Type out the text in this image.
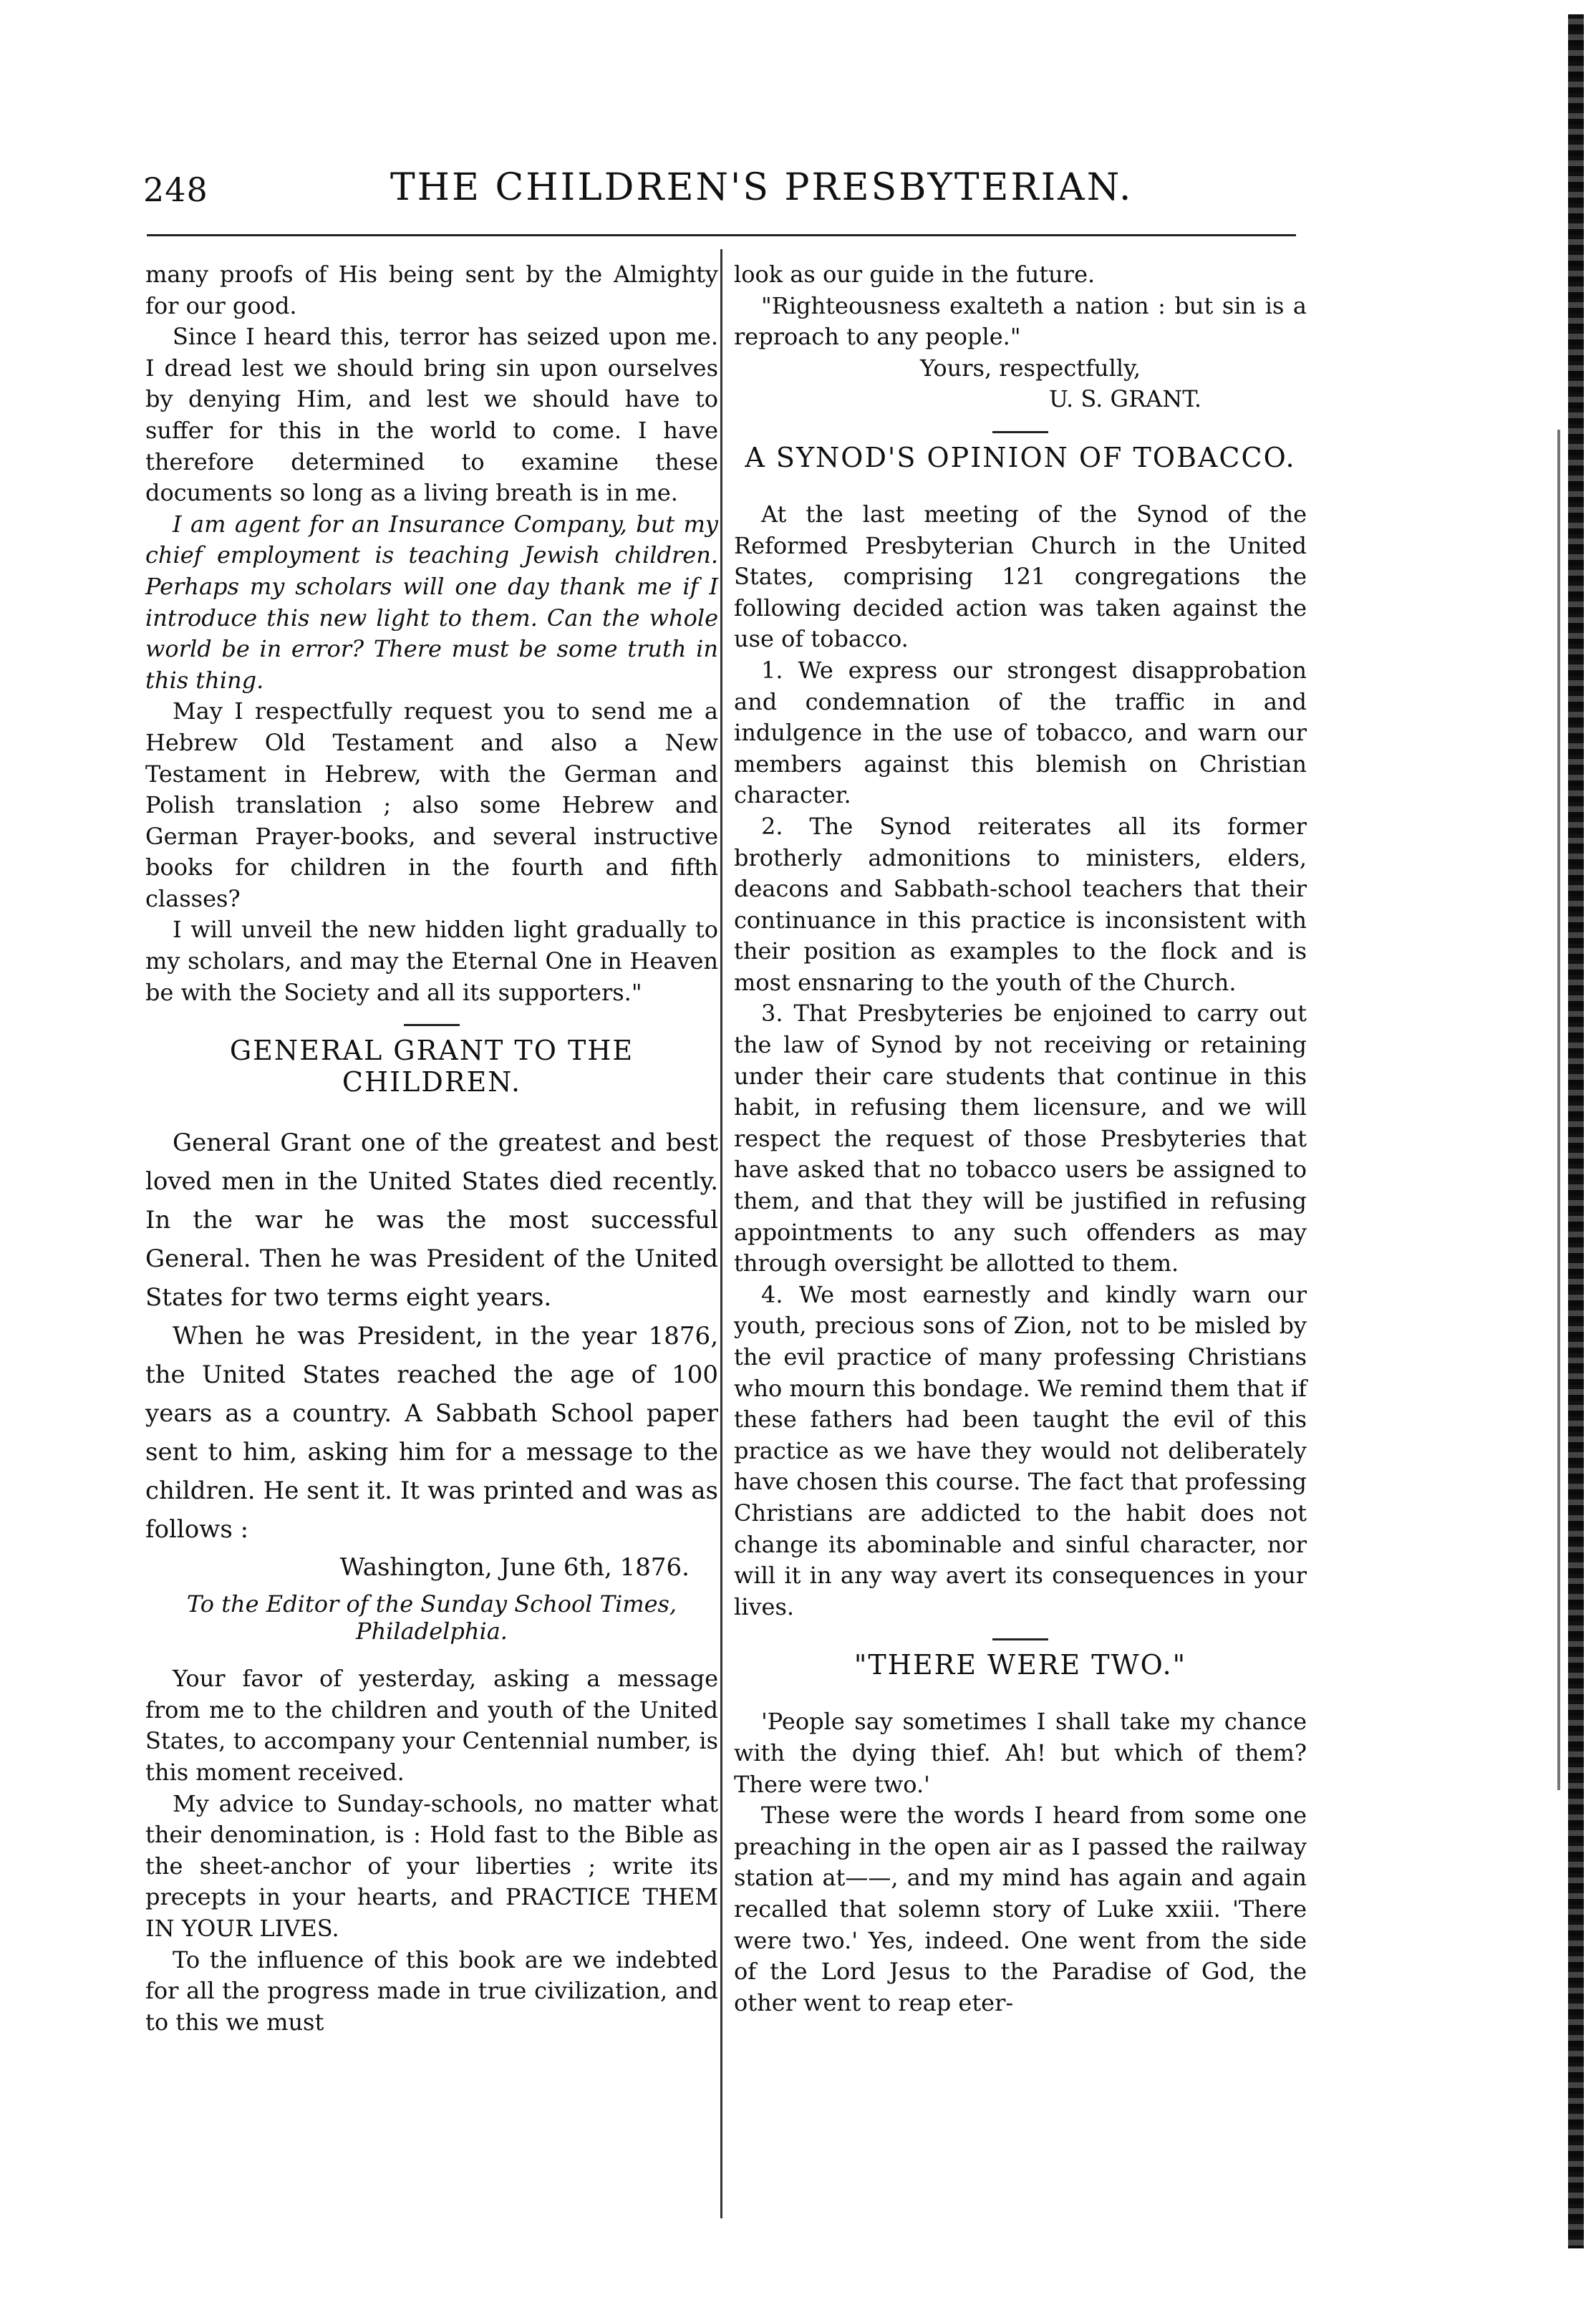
248	THE CHILDREN'S PRESBYTERIAN.

many proofs of His being sent by the Almighty for our good.

Since I heard this, terror has seized upon me. I dread lest we should bring sin upon ourselves by denying Him, and lest we should have to suffer for this in the world to come. I have therefore determined to examine these documents so long as a living breath is in me.

I am agent for an Insurance Company, but my chief employment is teaching Jewish children. Perhaps my scholars will one day thank me if I introduce this new light to them. Can the whole world be in error? There must be some truth in this thing.

May I respectfully request you to send me a Hebrew Old Testament and also a New Testament in Hebrew, with the German and Polish translation ; also some Hebrew and German Prayer-books, and several instructive books for children in the fourth and fifth classes?

I will unveil the new hidden light gradually to my scholars, and may the Eternal One in Heaven be with the Society and all its supporters."

GENERAL GRANT TO THE CHILDREN.

General Grant one of the greatest and best loved men in the United States died recently. In the war he was the most successful General. Then he was President of the United States for two terms eight years.

When he was President, in the year 1876, the United States reached the age of 100 years as a country. A Sabbath School paper sent to him, asking him for a message to the children. He sent it. It was printed and was as follows :

Washington, June 6th, 1876.

To the Editor of the Sunday School Times, Philadelphia.

Your favor of yesterday, asking a message from me to the children and youth of the United States, to accompany your Centennial number, is this moment received.

My advice to Sunday-schools, no matter what their denomination, is : Hold fast to the Bible as the sheet-anchor of your liberties ; write its precepts in your hearts, and PRACTICE THEM IN YOUR LIVES.

To the influence of this book are we indebted for all the progress made in true civilization, and to this we must

look as our guide in the future.

"Righteousness exalteth a nation : but sin is a reproach to any people."

Yours, respectfully,

U. S. GRANT.

A SYNOD'S OPINION OF TOBACCO.

At the last meeting of the Synod of the Reformed Presbyterian Church in the United States, comprising 121 congregations the following decided action was taken against the use of tobacco.

1. We express our strongest disapprobation and condemnation of the traffic in and indulgence in the use of tobacco, and warn our members against this blemish on Christian character.

2. The Synod reiterates all its former brotherly admonitions to ministers, elders, deacons and Sabbath-school teachers that their continuance in this practice is inconsistent with their position as examples to the flock and is most ensnaring to the youth of the Church.

3. That Presbyteries be enjoined to carry out the law of Synod by not receiving or retaining under their care students that continue in this habit, in refusing them licensure, and we will respect the request of those Presbyteries that have asked that no tobacco users be assigned to them, and that they will be justified in refusing appointments to any such offenders as may through oversight be allotted to them.

4. We most earnestly and kindly warn our youth, precious sons of Zion, not to be misled by the evil practice of many professing Christians who mourn this bondage. We remind them that if these fathers had been taught the evil of this practice as we have they would not deliberately have chosen this course. The fact that professing Christians are addicted to the habit does not change its abominable and sinful character, nor will it in any way avert its consequences in your lives.

"THERE WERE TWO."

'People say sometimes I shall take my chance with the dying thief. Ah! but which of them? There were two.'

These were the words I heard from some one preaching in the open air as I passed the railway station at——, and my mind has again and again recalled that solemn story of Luke xxiii. 'There were two.' Yes, indeed. One went from the side of the Lord Jesus to the Paradise of God, the other went to reap eter-
